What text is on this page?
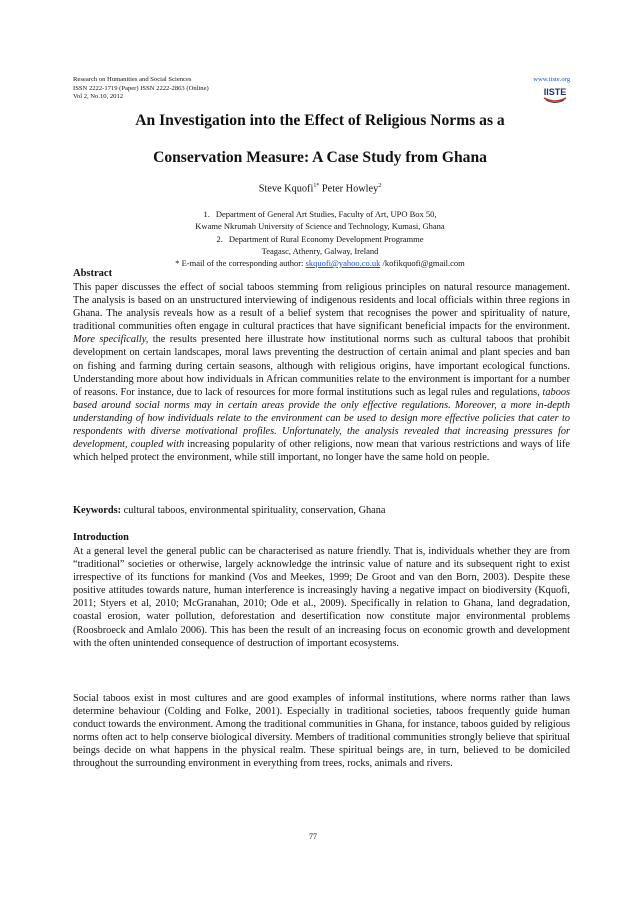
Research on Humanities and Social Sciences
ISSN 2222-1719 (Paper) ISSN 2222-2863 (Online)
Vol 2, No.10, 2012
www.iiste.org
IISTE
An Investigation into the Effect of Religious Norms as a
Conservation Measure: A Case Study from Ghana
Steve Kquofi$^{1*}$ Peter Howley$^2$
1. Department of General Art Studies, Faculty of Art, UPO Box 50,
Kwame Nkrumah University of Science and Technology, Kumasi, Ghana
2. Department of Rural Economy Development Programme
Teagasc, Athenry, Galway, Ireland
* E-mail of the corresponding author: skquofi@yahoo.co.uk /kofikquofi@gmail.com
Abstract
This paper discusses the effect of social taboos stemming from religious principles on natural resource management. The analysis is based on an unstructured interviewing of indigenous residents and local officials within three regions in Ghana. The analysis reveals how as a result of a belief system that recognises the power and spirituality of nature, traditional communities often engage in cultural practices that have significant beneficial impacts for the environment. More specifically, the results presented here illustrate how institutional norms such as cultural taboos that prohibit development on certain landscapes, moral laws preventing the destruction of certain animal and plant species and ban on fishing and farming during certain seasons, although with religious origins, have important ecological functions. Understanding more about how individuals in African communities relate to the environment is important for a number of reasons. For instance, due to lack of resources for more formal institutions such as legal rules and regulations, taboos based around social norms may in certain areas provide the only effective regulations. Moreover, a more in-depth understanding of how individuals relate to the environment can be used to design more effective policies that cater to respondents with diverse motivational profiles. Unfortunately, the analysis revealed that increasing pressures for development, coupled with increasing popularity of other religions, now mean that various restrictions and ways of life which helped protect the environment, while still important, no longer have the same hold on people.
Keywords: cultural taboos, environmental spirituality, conservation, Ghana
Introduction
At a general level the general public can be characterised as nature friendly. That is, individuals whether they are from “traditional” societies or otherwise, largely acknowledge the intrinsic value of nature and its subsequent right to exist irrespective of its functions for mankind (Vos and Meekes, 1999; De Groot and van den Born, 2003). Despite these positive attitudes towards nature, human interference is increasingly having a negative impact on biodiversity (Kquofi, 2011; Styers et al, 2010; McGranahan, 2010; Ode et al., 2009). Specifically in relation to Ghana, land degradation, coastal erosion, water pollution, deforestation and desertification now constitute major environmental problems (Roosbroeck and Amlalo 2006). This has been the result of an increasing focus on economic growth and development with the often unintended consequence of destruction of important ecosystems.
Social taboos exist in most cultures and are good examples of informal institutions, where norms rather than laws determine behaviour (Colding and Folke, 2001). Especially in traditional societies, taboos frequently guide human conduct towards the environment. Among the traditional communities in Ghana, for instance, taboos guided by religious norms often act to help conserve biological diversity. Members of traditional communities strongly believe that spiritual beings decide on what happens in the physical realm. These spiritual beings are, in turn, believed to be domiciled throughout the surrounding environment in everything from trees, rocks, animals and rivers.
77
